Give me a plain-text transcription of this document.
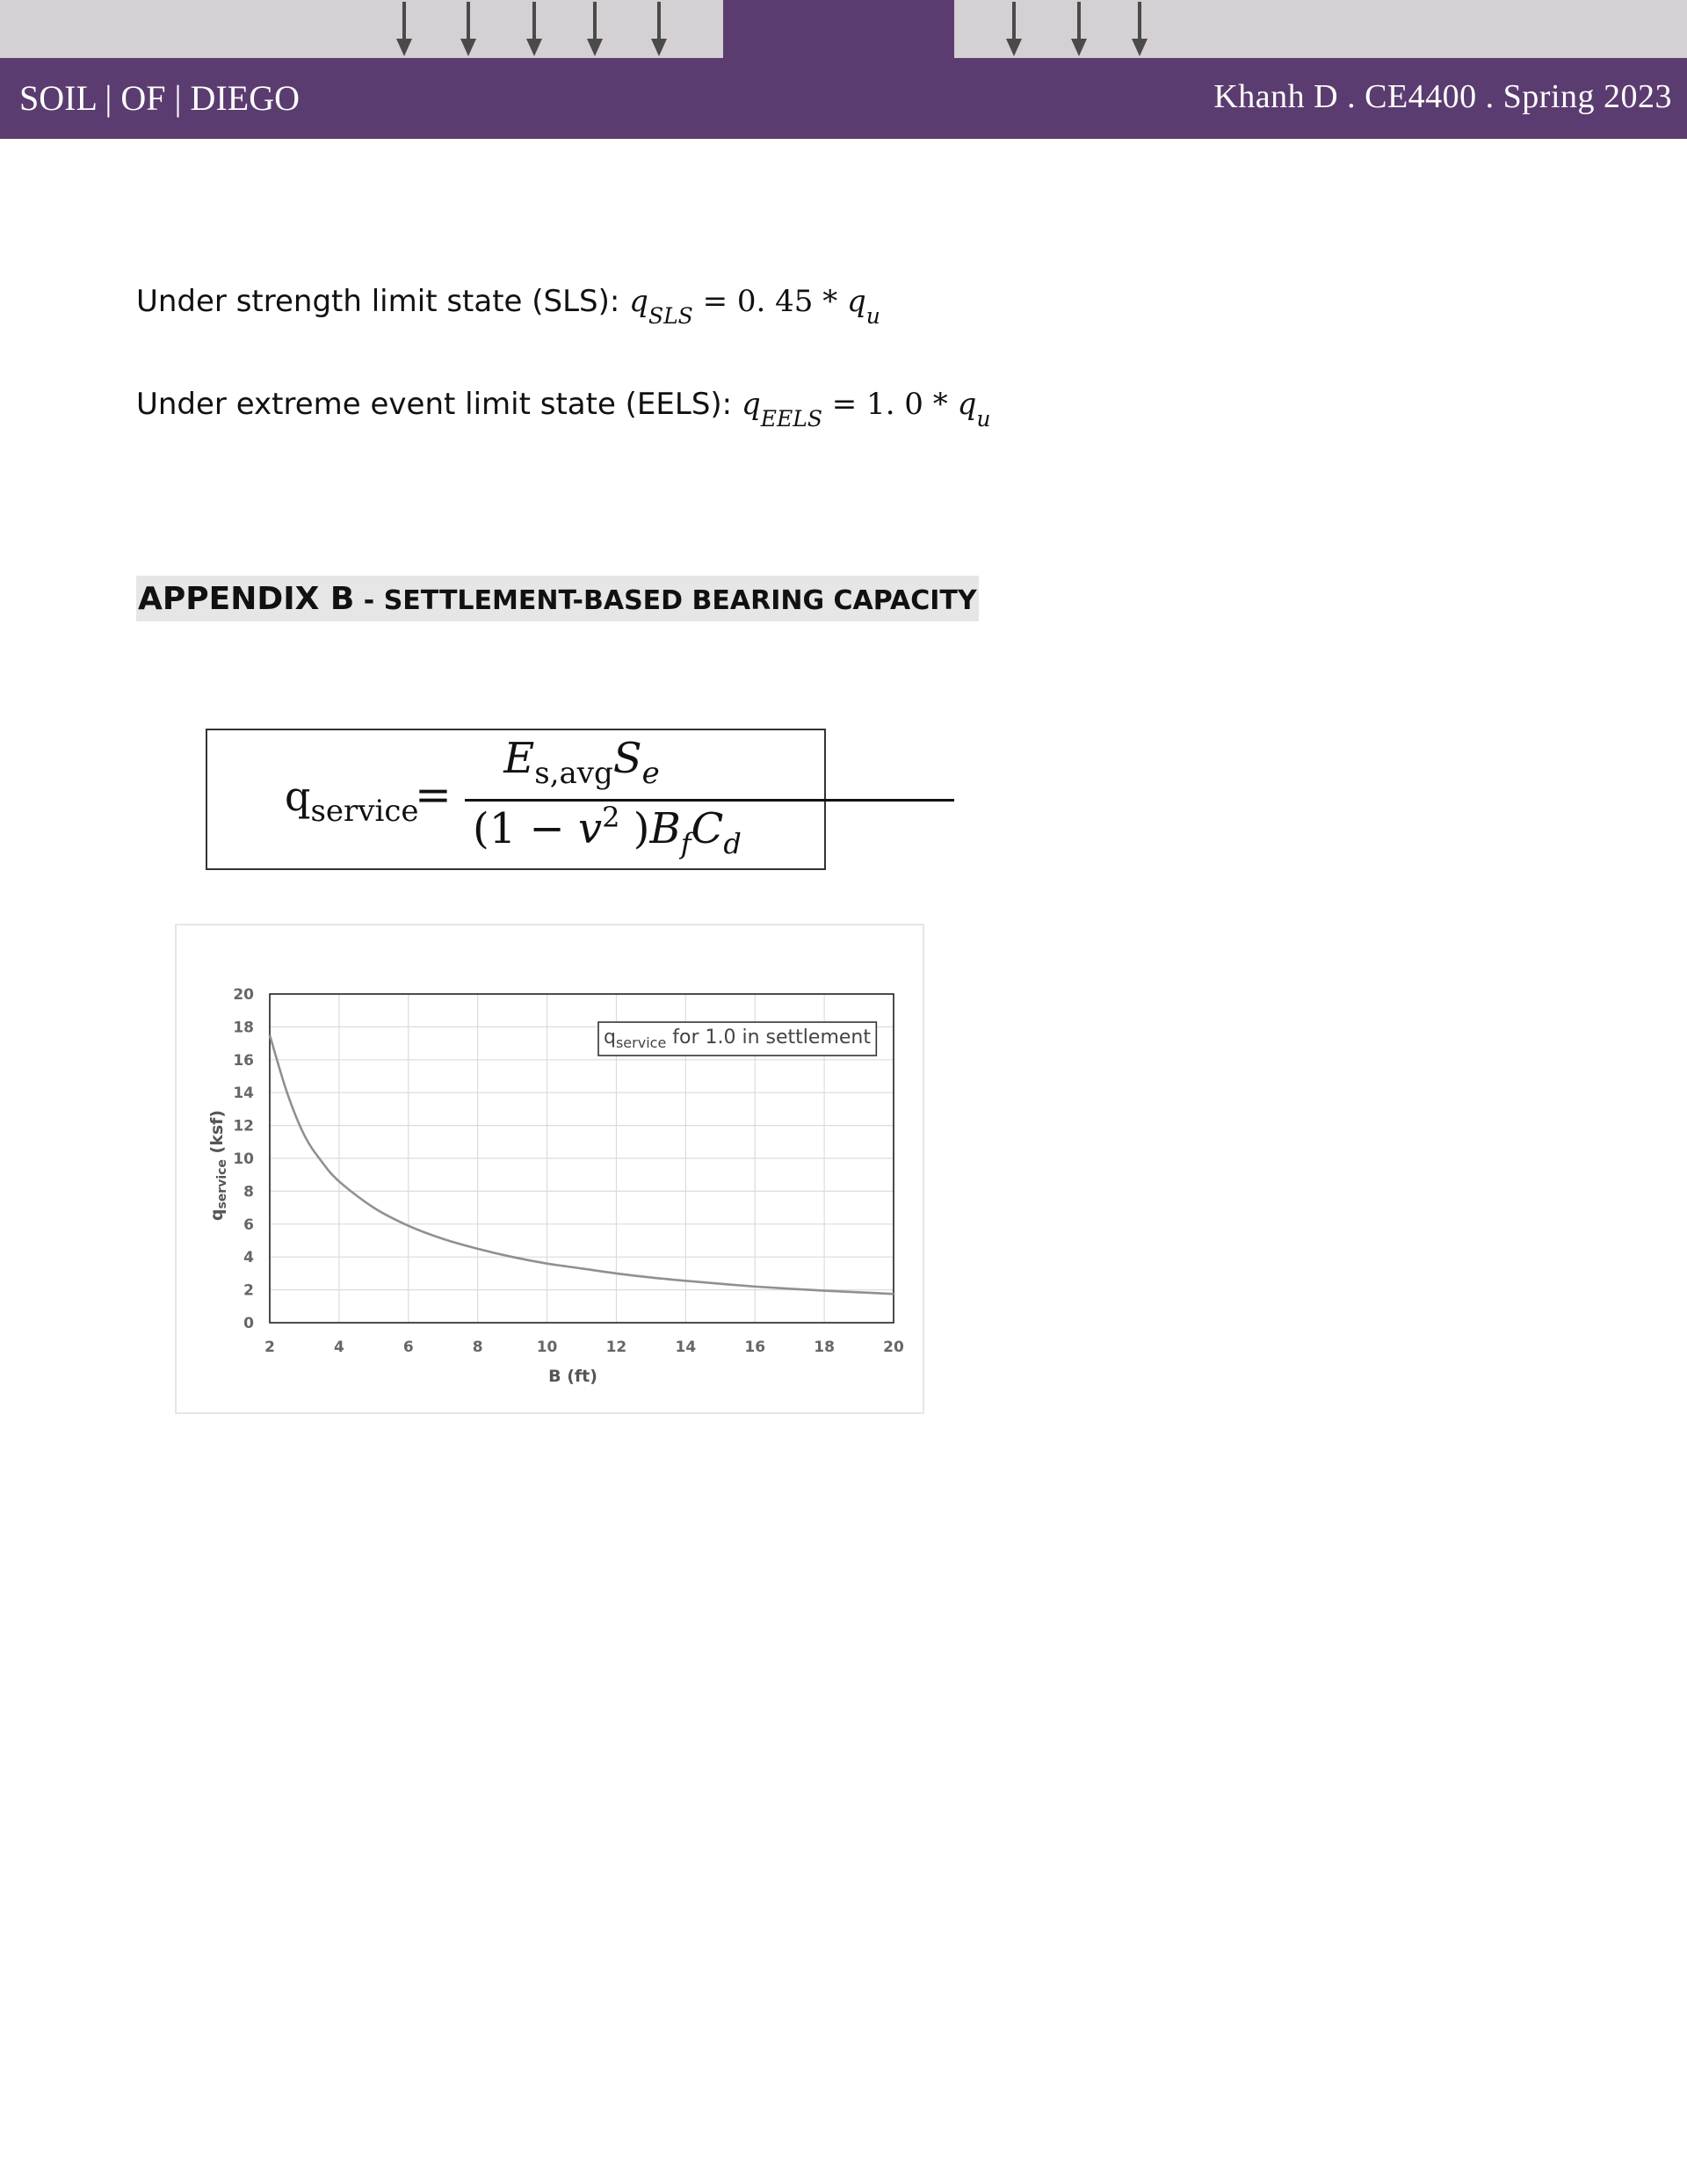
SOIL | OF | DIEGO	Khanh D . CE4400 . Spring 2023
Under strength limit state (SLS): $q_{SLS} = 0$. $45 * q_u$
Under extreme event limit state (EELS): $q_{EELS} = 1$. $0 * q_u$
APPENDIX B - SETTLEMENT-BASED BEARING CAPACITY
$q_{service}$
=
$E_{s,avg}S_e$
($1 - v^2$ )$B_fC_d$
2	4	6	8	10	12	14	16	18	20
0
2
4
6
8
10
12
14
16
18
20
$q_{service}$ for 1.0 in settlement
B (ft)
$q_{service}$ (ksf)
